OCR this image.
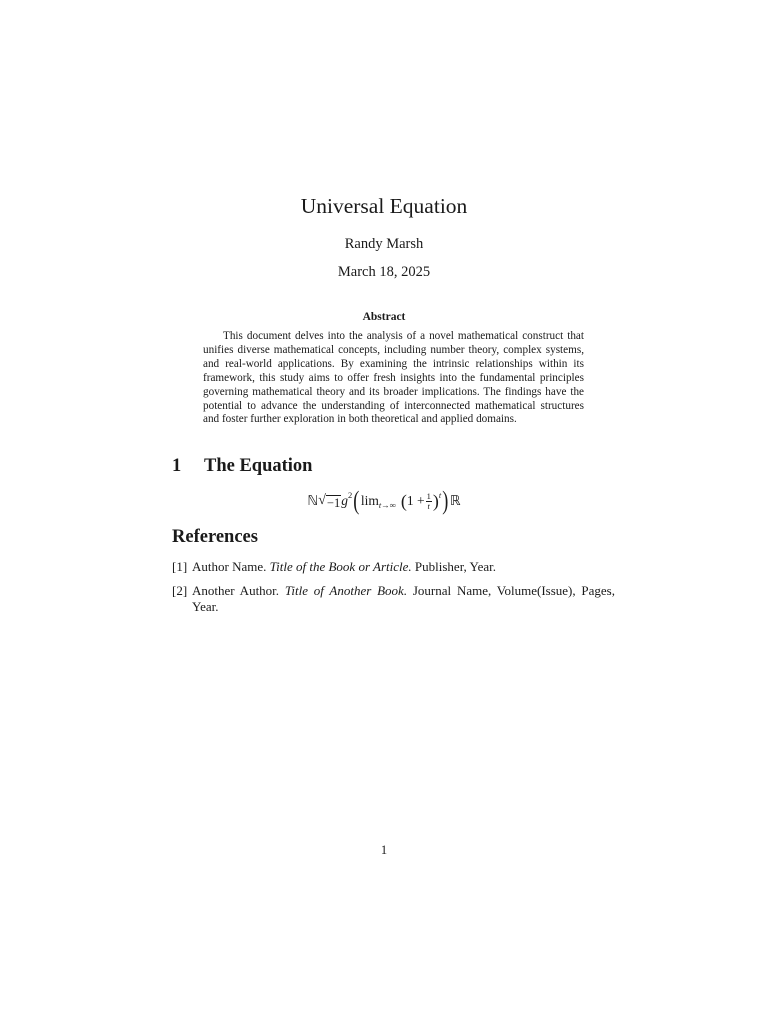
Universal Equation
Randy Marsh
March 18, 2025
Abstract
This document delves into the analysis of a novel mathematical construct that unifies diverse mathematical concepts, including number theory, complex systems, and real-world applications. By examining the intrinsic relationships within its framework, this study aims to offer fresh insights into the fundamental principles governing mathematical theory and its broader implications. The findings have the potential to advance the understanding of interconnected mathematical structures and foster further exploration in both theoretical and applied domains.
1 The Equation
ℕ √ −1 g 2 ( lim t→∞ ( $1 + \frac{1}{t}$ ) t ) ℝ
References
[1] Author Name. Title of the Book or Article. Publisher, Year.
[2] Another Author. Title of Another Book. Journal Name, Volume(Issue), Pages, Year.
1
